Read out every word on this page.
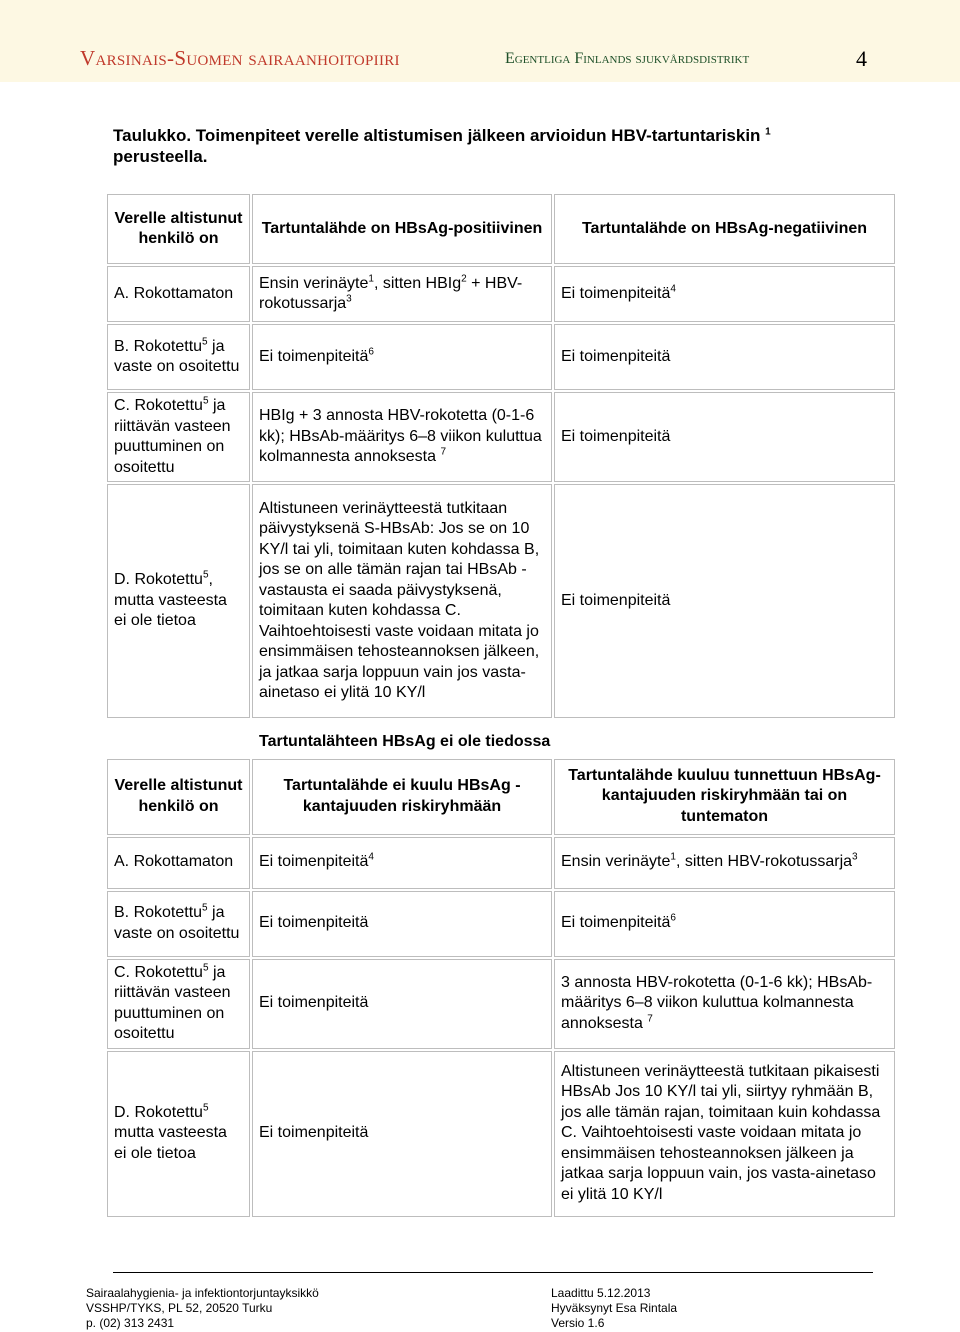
Varsinais-Suomen sairaanhoitopiiri	Egentliga Finlands sjukvårdsdistrikt	4
Taulukko. Toimenpiteet verelle altistumisen jälkeen arvioidun HBV-tartuntariskin $^1$
perusteella.
Verelle altistunut henkilö on	Tartuntalähde on HBsAg-positiivinen	Tartuntalähde on HBsAg-negatiivinen
A. Rokottamaton	Ensin verinäyte$^1$, sitten HBIg$^2$ + HBV-rokotussarja$^3$	Ei toimenpiteitä$^4$
B. Rokotettu$^5$ ja vaste on osoitettu	Ei toimenpiteitä$^6$	Ei toimenpiteitä
C. Rokotettu$^5$ ja riittävän vasteen puuttuminen on osoitettu	HBIg + 3 annosta HBV-rokotetta (0-1-6 kk); HBsAb-määritys 6–8 viikon kuluttua kolmannesta annoksesta $^7$	Ei toimenpiteitä
D. Rokotettu$^5$, mutta vasteesta ei ole tietoa	Altistuneen verinäytteestä tutkitaan päivystyksenä S-HBsAb: Jos se on 10 KY/l tai yli, toimitaan kuten kohdassa B, jos se on alle tämän rajan tai HBsAb -vastausta ei saada päivystyksenä, toimitaan kuten kohdassa C. Vaihtoehtoisesti vaste voidaan mitata jo ensimmäisen tehosteannoksen jälkeen, ja jatkaa sarja loppuun vain jos vasta-ainetaso ei ylitä 10 KY/l	Ei toimenpiteitä
	Tartuntalähteen HBsAg ei ole tiedossa	
Verelle altistunut henkilö on	Tartuntalähde ei kuulu HBsAg -kantajuuden riskiryhmään	Tartuntalähde kuuluu tunnettuun HBsAg-kantajuuden riskiryhmään tai on tuntematon
A. Rokottamaton	Ei toimenpiteitä$^4$	Ensin verinäyte$^1$, sitten HBV-rokotussarja$^3$
B. Rokotettu$^5$ ja vaste on osoitettu	Ei toimenpiteitä	Ei toimenpiteitä$^6$
C. Rokotettu$^5$ ja riittävän vasteen puuttuminen on osoitettu	Ei toimenpiteitä	3 annosta HBV-rokotetta (0-1-6 kk); HBsAb-määritys 6–8 viikon kuluttua kolmannesta annoksesta $^7$
D. Rokotettu$^5$ mutta vasteesta ei ole tietoa	Ei toimenpiteitä	Altistuneen verinäytteestä tutkitaan pikaisesti HBsAb Jos 10 KY/l tai yli, siirtyy ryhmään B, jos alle tämän rajan, toimitaan kuin kohdassa C. Vaihtoehtoisesti vaste voidaan mitata jo ensimmäisen tehosteannoksen jälkeen ja jatkaa sarja loppuun vain, jos vasta-ainetaso ei ylitä 10 KY/l
Sairaalahygienia- ja infektiontorjuntayksikkö
VSSHP/TYKS, PL 52, 20520 Turku
p. (02) 313 2431
Laadittu 5.12.2013
Hyväksynyt Esa Rintala
Versio 1.6
